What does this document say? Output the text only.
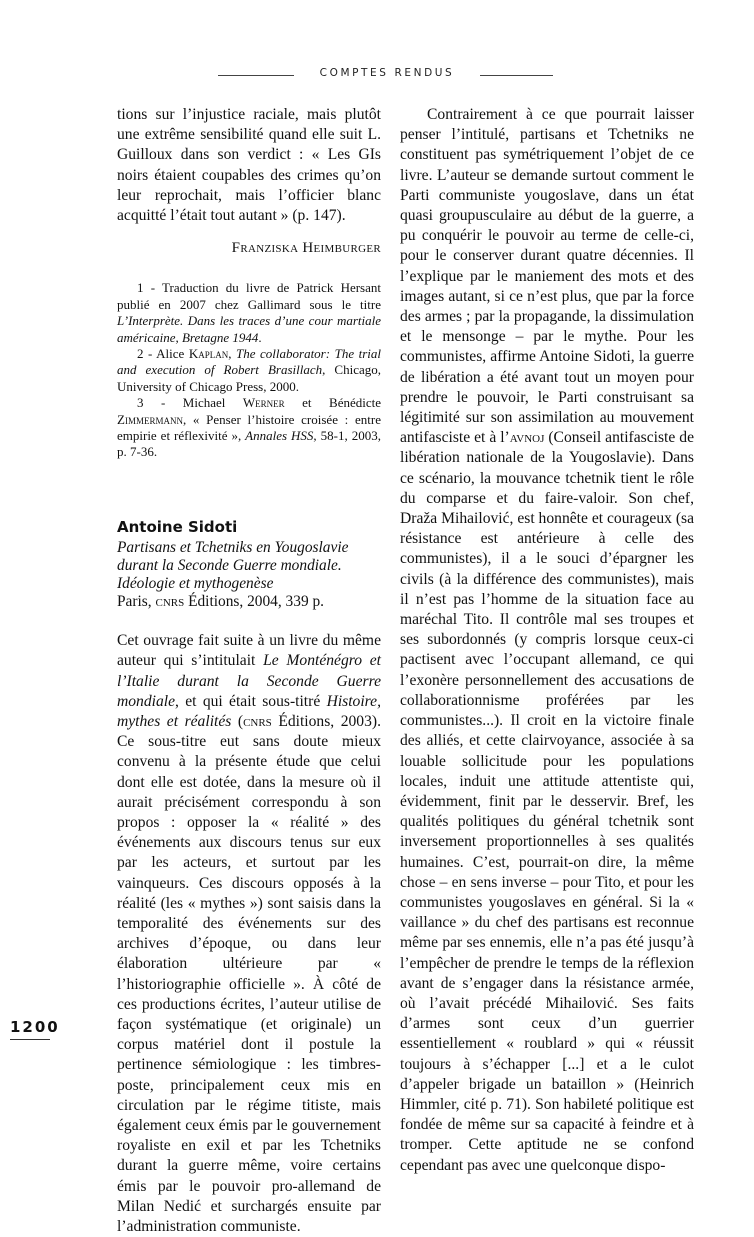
COMPTES RENDUS

tions sur l’injustice raciale, mais plutôt une extrême sensibilité quand elle suit L. Guilloux dans son verdict : « Les GIs noirs étaient coupables des crimes qu’on leur reprochait, mais l’officier blanc acquitté l’était tout autant » (p. 147).

Franziska Heimburger

1 - Traduction du livre de Patrick Hersant publié en 2007 chez Gallimard sous le titre L’Interprète. Dans les traces d’une cour martiale américaine, Bretagne 1944.

2 - Alice Kaplan, The collaborator: The trial and execution of Robert Brasillach, Chicago, University of Chicago Press, 2000.

3 - Michael Werner et Bénédicte Zimmermann, « Penser l’histoire croisée : entre empirie et réflexivité », Annales HSS, 58-1, 2003, p. 7-36.

Antoine Sidoti

Partisans et Tchetniks en Yougoslavie

durant la Seconde Guerre mondiale.

Idéologie et mythogenèse

Paris, cnrs Éditions, 2004, 339 p.

Cet ouvrage fait suite à un livre du même auteur qui s’intitulait Le Monténégro et l’Italie durant la Seconde Guerre mondiale, et qui était sous-titré Histoire, mythes et réalités (cnrs Éditions, 2003). Ce sous-titre eut sans doute mieux convenu à la présente étude que celui dont elle est dotée, dans la mesure où il aurait précisément correspondu à son propos : opposer la « réalité » des événements aux discours tenus sur eux par les acteurs, et surtout par les vainqueurs. Ces discours opposés à la réalité (les « mythes ») sont saisis dans la temporalité des événements sur des archives d’époque, ou dans leur élaboration ultérieure par « l’historiographie officielle ». À côté de ces productions écrites, l’auteur utilise de façon systématique (et originale) un corpus matériel dont il postule la pertinence sémiologique : les timbres-poste, principalement ceux mis en circulation par le régime titiste, mais également ceux émis par le gouvernement royaliste en exil et par les Tchetniks durant la guerre même, voire certains émis par le pouvoir pro-allemand de Milan Nedić et surchargés ensuite par l’administration communiste.

Contrairement à ce que pourrait laisser penser l’intitulé, partisans et Tchetniks ne constituent pas symétriquement l’objet de ce livre. L’auteur se demande surtout comment le Parti communiste yougoslave, dans un état quasi groupusculaire au début de la guerre, a pu conquérir le pouvoir au terme de celle-ci, pour le conserver durant quatre décennies. Il l’explique par le maniement des mots et des images autant, si ce n’est plus, que par la force des armes ; par la propagande, la dissimulation et le mensonge – par le mythe. Pour les communistes, affirme Antoine Sidoti, la guerre de libération a été avant tout un moyen pour prendre le pouvoir, le Parti construisant sa légitimité sur son assimilation au mouvement antifasciste et à l’avnoj (Conseil antifasciste de libération nationale de la Yougoslavie). Dans ce scénario, la mouvance tchetnik tient le rôle du comparse et du faire-valoir. Son chef, Draža Mihailović, est honnête et courageux (sa résistance est antérieure à celle des communistes), il a le souci d’épargner les civils (à la différence des communistes), mais il n’est pas l’homme de la situation face au maréchal Tito. Il contrôle mal ses troupes et ses subordonnés (y compris lorsque ceux-ci pactisent avec l’occupant allemand, ce qui l’exonère personnellement des accusations de collaborationnisme proférées par les communistes...). Il croit en la victoire finale des alliés, et cette clairvoyance, associée à sa louable sollicitude pour les populations locales, induit une attitude attentiste qui, évidemment, finit par le desservir. Bref, les qualités politiques du général tchetnik sont inversement proportionnelles à ses qualités humaines. C’est, pourrait-on dire, la même chose – en sens inverse – pour Tito, et pour les communistes yougoslaves en général. Si la « vaillance » du chef des partisans est reconnue même par ses ennemis, elle n’a pas été jusqu’à l’empêcher de prendre le temps de la réflexion avant de s’engager dans la résistance armée, où l’avait précédé Mihailović. Ses faits d’armes sont ceux d’un guerrier essentiellement « roublard » qui « réussit toujours à s’échapper [...] et a le culot d’appeler brigade un bataillon » (Heinrich Himmler, cité p. 71). Son habileté politique est fondée de même sur sa capacité à feindre et à tromper. Cette aptitude ne se confond cependant pas avec une quelconque dispo-

1200
